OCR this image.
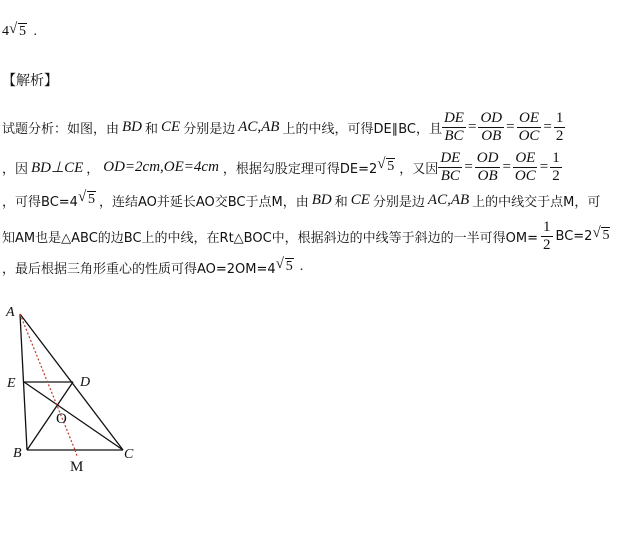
4 √ 5 .
【解析】
试题分析：如图，由 BD 和 CE 分别是边 AC,AB 上的中线，可得DE∥BC，且 $\frac{DE}{BC} = \frac{OD}{OB} = \frac{OE}{OC} = \frac{1}{2}$
，因 BD⊥CE ， OD=2cm,OE=4cm ，根据勾股定理可得DE=2 √ 5 ，又因 $\frac{DE}{BC} = \frac{OD}{OB} = \frac{OE}{OC} = \frac{1}{2}$
，可得BC=4 √ 5 ，连结AO并延长AO交BC于点M，由 BD 和 CE 分别是边 AC,AB 上的中线交于点M，可
知AM也是△ABC的边BC上的中线，在Rt△BOC中，根据斜边的中线等于斜边的一半可得$OM= \frac{1}{2} BC=2$ √ 5
，最后根据三角形重心的性质可得AO=2OM=4 √ 5 .
A
E	D
O
B	C
M
